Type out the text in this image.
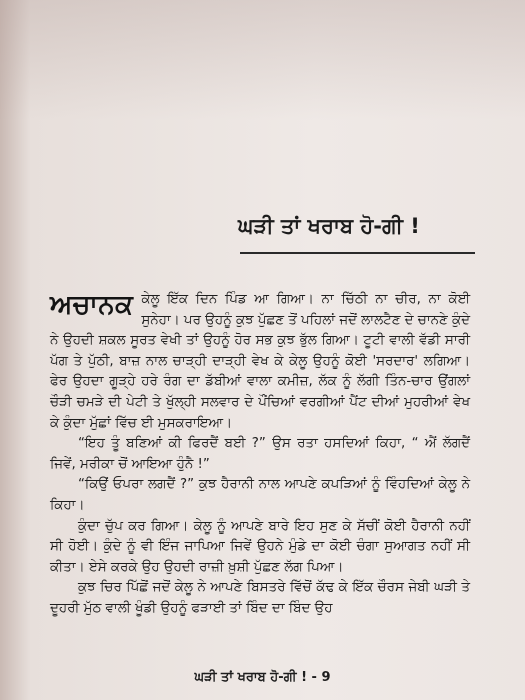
ਘੜੀ ਤਾਂ ਖਰਾਬ ਹੋ-ਗੀ !

ਅਚਾਨਕ ਕੇਲੂ ਇੱਕ ਦਿਨ ਪਿੰਡ ਆ ਗਿਆ। ਨਾ ਚਿੱਠੀ ਨਾ ਚੀਰ, ਨਾ ਕੋਈ ਸੁਨੇਹਾ। ਪਰ ਉਹਨੂੰ ਕੁਝ ਪੁੱਛਣ ਤੋਂ ਪਹਿਲਾਂ ਜਦੋਂ ਲਾਲਟੈਣ ਦੇ ਚਾਨਣੇ ਕੁੰਦੇ ਨੇ ਉਹਦੀ ਸ਼ਕਲ ਸੂਰਤ ਵੇਖੀ ਤਾਂ ਉਹਨੂੰ ਹੋਰ ਸਭ ਕੁਝ ਭੁੱਲ ਗਿਆ। ਟੂਟੀ ਵਾਲੀ ਵੱਡੀ ਸਾਰੀ ਪੱਗ ਤੇ ਪੁੱਠੀ, ਬਾਜ਼ ਨਾਲ ਚਾੜ੍ਹੀ ਦਾੜ੍ਹੀ ਵੇਖ ਕੇ ਕੇਲੂ ਉਹਨੂੰ ਕੋਈ 'ਸਰਦਾਰ' ਲਗਿਆ। ਫੇਰ ਉਹਦਾ ਗੂੜ੍ਹੇ ਹਰੇ ਰੰਗ ਦਾ ਡੱਬੀਆਂ ਵਾਲਾ ਕਮੀਜ਼, ਲੱਕ ਨੂੰ ਲੱਗੀ ਤਿੰਨ-ਚਾਰ ਉਂਗਲਾਂ ਚੌੜੀ ਚਮੜੇ ਦੀ ਪੇਟੀ ਤੇ ਖੁੱਲ੍ਹੀ ਸਲਵਾਰ ਦੇ ਪੌਂਚਿਆਂ ਵਰਗੀਆਂ ਪੈਂਟ ਦੀਆਂ ਮੁਹਰੀਆਂ ਵੇਖ ਕੇ ਕੁੰਦਾ ਮੁੱਛਾਂ ਵਿੱਚ ਈ ਮੁਸਕਰਾਇਆ।

“ਇਹ ਤੂੰ ਬਣਿਆਂ ਕੀ ਫਿਰਦੈਂ ਬਈ ?” ਉਸ ਰਤਾ ਹਸਦਿਆਂ ਕਿਹਾ, “ ਐਂ ਲੱਗਦੈਂ ਜਿਵੇਂ, ਮਰੀਕਾ ਚੋਂ ਆਇਆ ਹੁੰਨੈ !”

“ਕਿਉਂ ਓਪਰਾ ਲਗਦੈਂ ?” ਕੁਝ ਹੈਰਾਨੀ ਨਾਲ ਆਪਣੇ ਕਪੜਿਆਂ ਨੂੰ ਵਿੰਹਦਿਆਂ ਕੇਲੂ ਨੇ ਕਿਹਾ।

ਕੁੰਦਾ ਚੁੱਪ ਕਰ ਗਿਆ। ਕੇਲੂ ਨੂੰ ਆਪਣੇ ਬਾਰੇ ਇਹ ਸੁਣ ਕੇ ਸੱਚੀਂ ਕੋਈ ਹੈਰਾਨੀ ਨਹੀਂ ਸੀ ਹੋਈ। ਕੁੰਦੇ ਨੂੰ ਵੀ ਇੰਜ ਜਾਪਿਆ ਜਿਵੇਂ ਉਹਨੇ ਮੁੰਡੇ ਦਾ ਕੋਈ ਚੰਗਾ ਸੁਆਗਤ ਨਹੀਂ ਸੀ ਕੀਤਾ। ਏਸੇ ਕਰਕੇ ਉਹ ਉਹਦੀ ਰਾਜ਼ੀ ਖ਼ੁਸ਼ੀ ਪੁੱਛਣ ਲੱਗ ਪਿਆ।

ਕੁਝ ਚਿਰ ਪਿੱਛੋਂ ਜਦੋਂ ਕੇਲੂ ਨੇ ਆਪਣੇ ਬਿਸਤਰੇ ਵਿੱਚੋਂ ਕੱਢ ਕੇ ਇੱਕ ਚੌਰਸ ਜੇਬੀ ਘੜੀ ਤੇ ਦੂਹਰੀ ਮੁੱਠ ਵਾਲੀ ਖੂੰਡੀ ਉਹਨੂੰ ਫੜਾਈ ਤਾਂ ਬਿੰਦ ਦਾ ਬਿੰਦ ਉਹ

ਘੜੀ ਤਾਂ ਖਰਾਬ ਹੋ-ਗੀ ! - 9
